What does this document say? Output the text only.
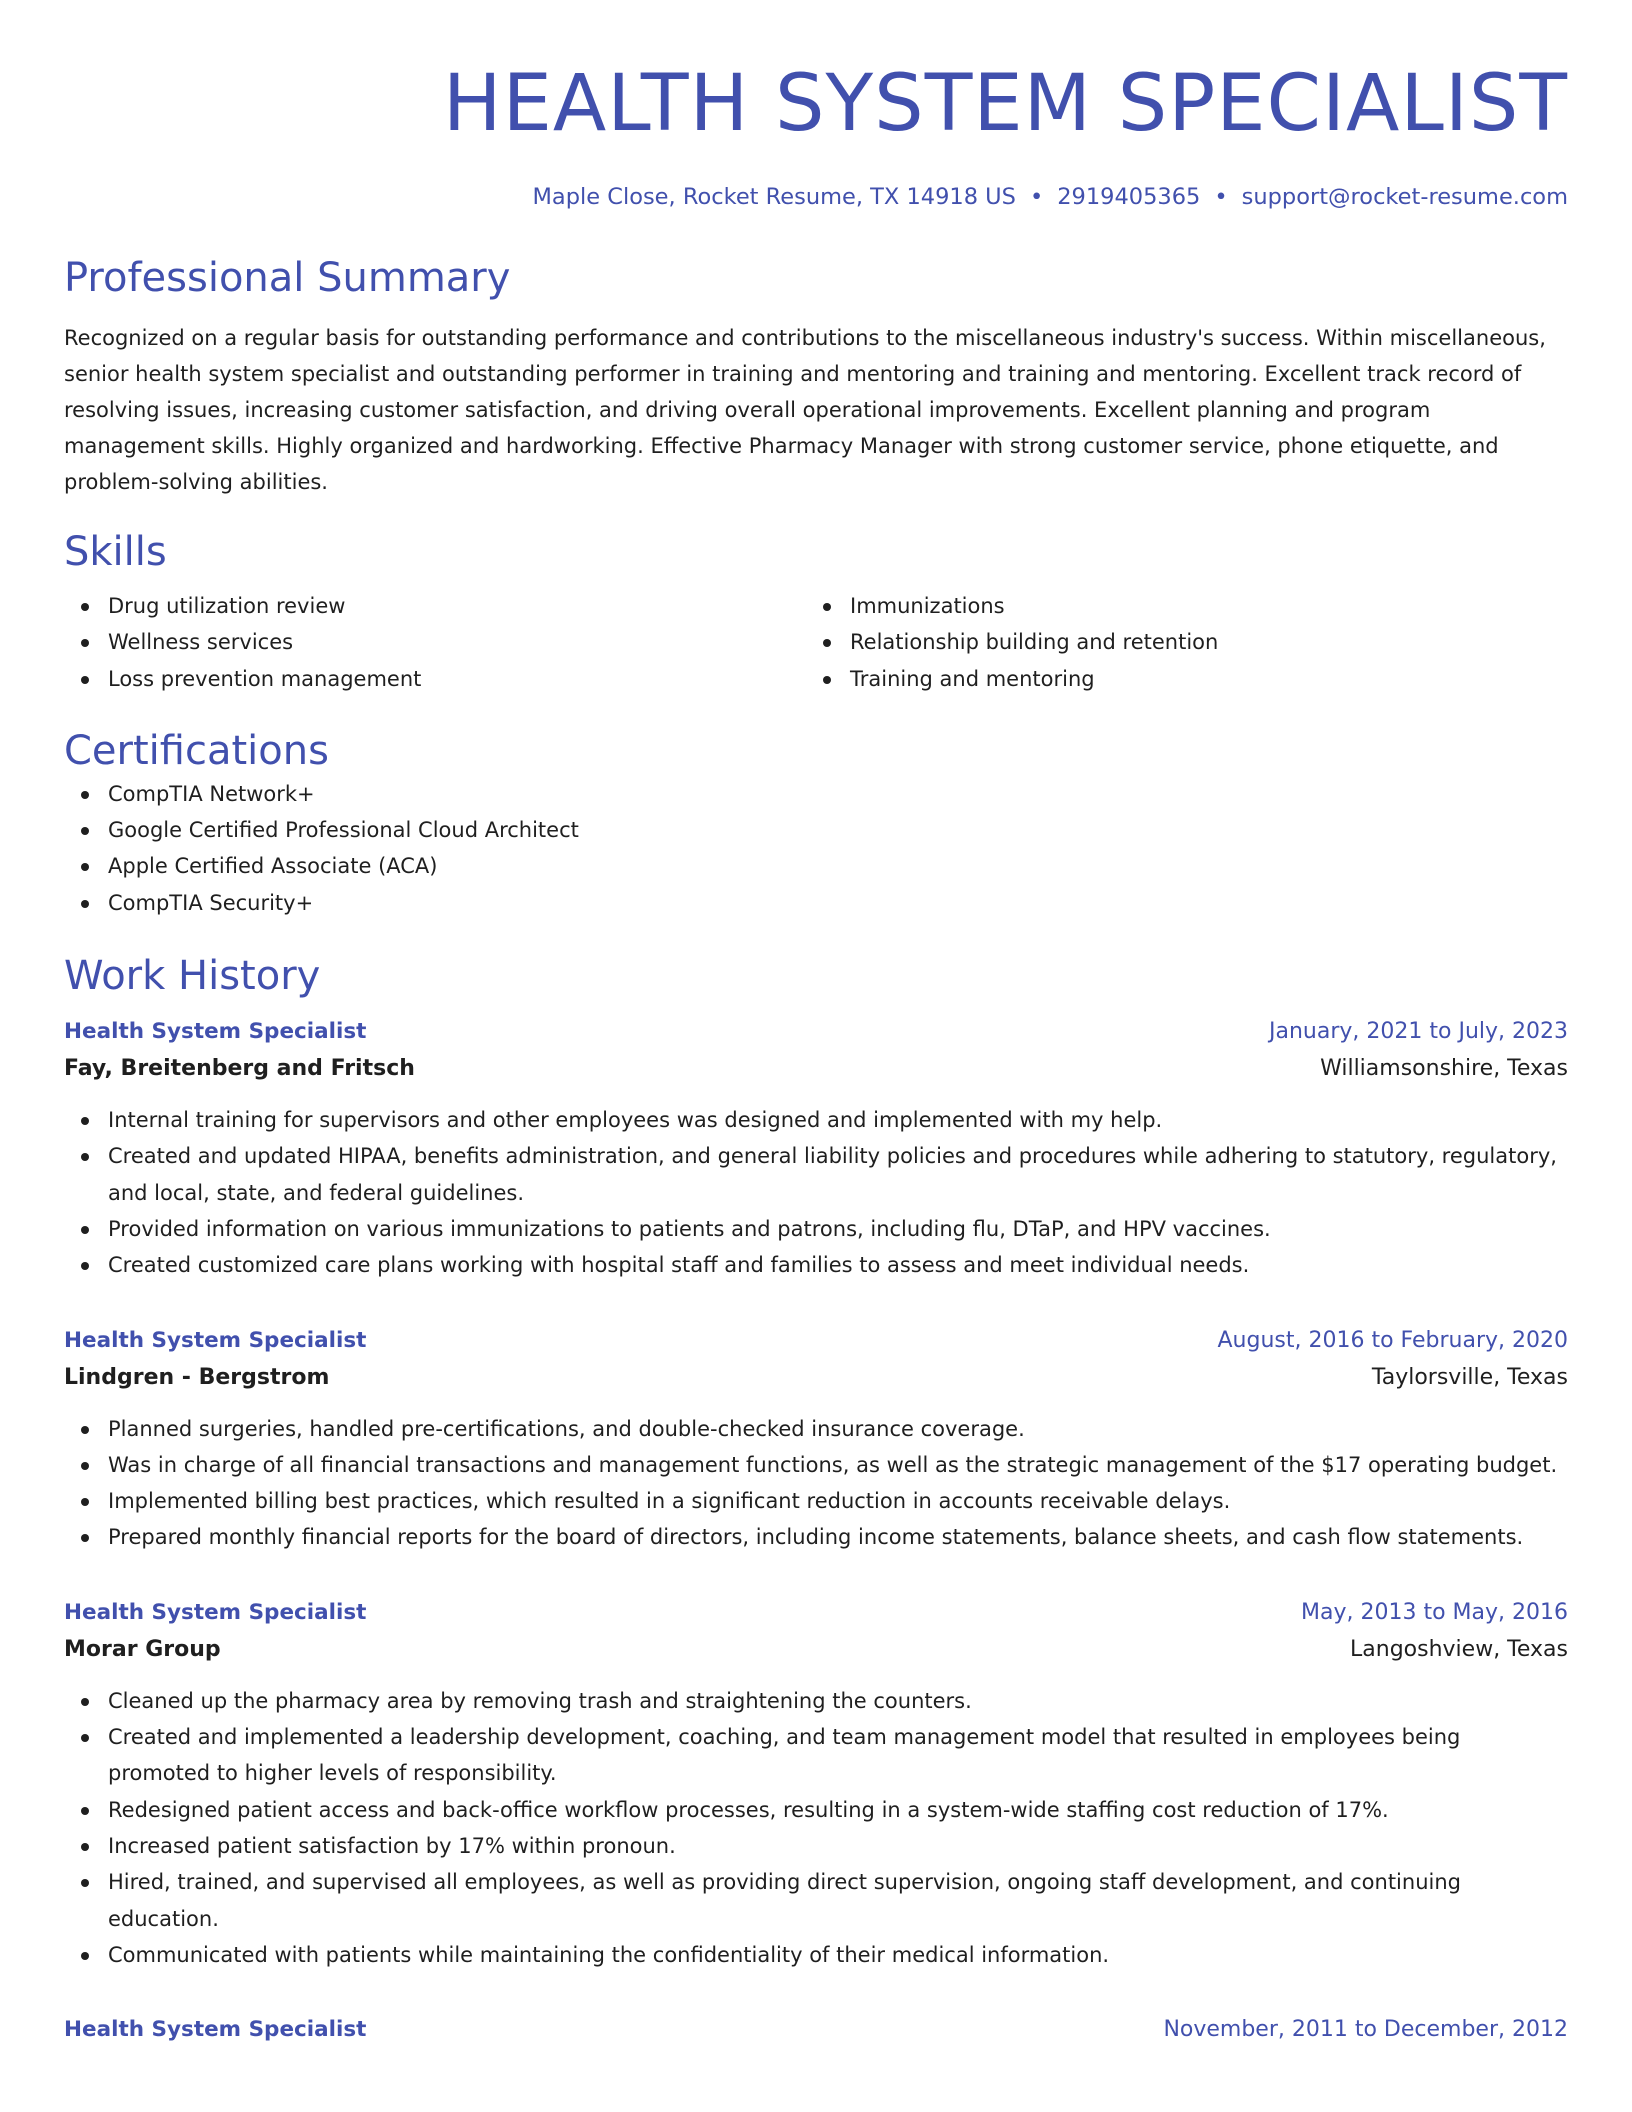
HEALTH SYSTEM SPECIALIST
Maple Close, Rocket Resume, TX 14918 US • 2919405365 • support@rocket-resume.com
Professional Summary
Recognized on a regular basis for outstanding performance and contributions to the miscellaneous industry's success. Within miscellaneous, senior health system specialist and outstanding performer in training and mentoring and training and mentoring. Excellent track record of resolving issues, increasing customer satisfaction, and driving overall operational improvements. Excellent planning and program management skills. Highly organized and hardworking. Effective Pharmacy Manager with strong customer service, phone etiquette, and problem-solving abilities.
Skills
Drug utilization review
Wellness services
Loss prevention management
Immunizations
Relationship building and retention
Training and mentoring
Certifications
CompTIA Network+
Google Certified Professional Cloud Architect
Apple Certified Associate (ACA)
CompTIA Security+
Work History
Health System Specialist	January, 2021 to July, 2023
Fay, Breitenberg and Fritsch	Williamsonshire, Texas
Internal training for supervisors and other employees was designed and implemented with my help.
Created and updated HIPAA, benefits administration, and general liability policies and procedures while adhering to statutory, regulatory, and local, state, and federal guidelines.
Provided information on various immunizations to patients and patrons, including flu, DTaP, and HPV vaccines.
Created customized care plans working with hospital staff and families to assess and meet individual needs.
Health System Specialist	August, 2016 to February, 2020
Lindgren - Bergstrom	Taylorsville, Texas
Planned surgeries, handled pre-certifications, and double-checked insurance coverage.
Was in charge of all financial transactions and management functions, as well as the strategic management of the $17 operating budget.
Implemented billing best practices, which resulted in a significant reduction in accounts receivable delays.
Prepared monthly financial reports for the board of directors, including income statements, balance sheets, and cash flow statements.
Health System Specialist	May, 2013 to May, 2016
Morar Group	Langoshview, Texas
Cleaned up the pharmacy area by removing trash and straightening the counters.
Created and implemented a leadership development, coaching, and team management model that resulted in employees being promoted to higher levels of responsibility.
Redesigned patient access and back-office workflow processes, resulting in a system-wide staffing cost reduction of 17%.
Increased patient satisfaction by 17% within pronoun.
Hired, trained, and supervised all employees, as well as providing direct supervision, ongoing staff development, and continuing education.
Communicated with patients while maintaining the confidentiality of their medical information.
Health System Specialist	November, 2011 to December, 2012
